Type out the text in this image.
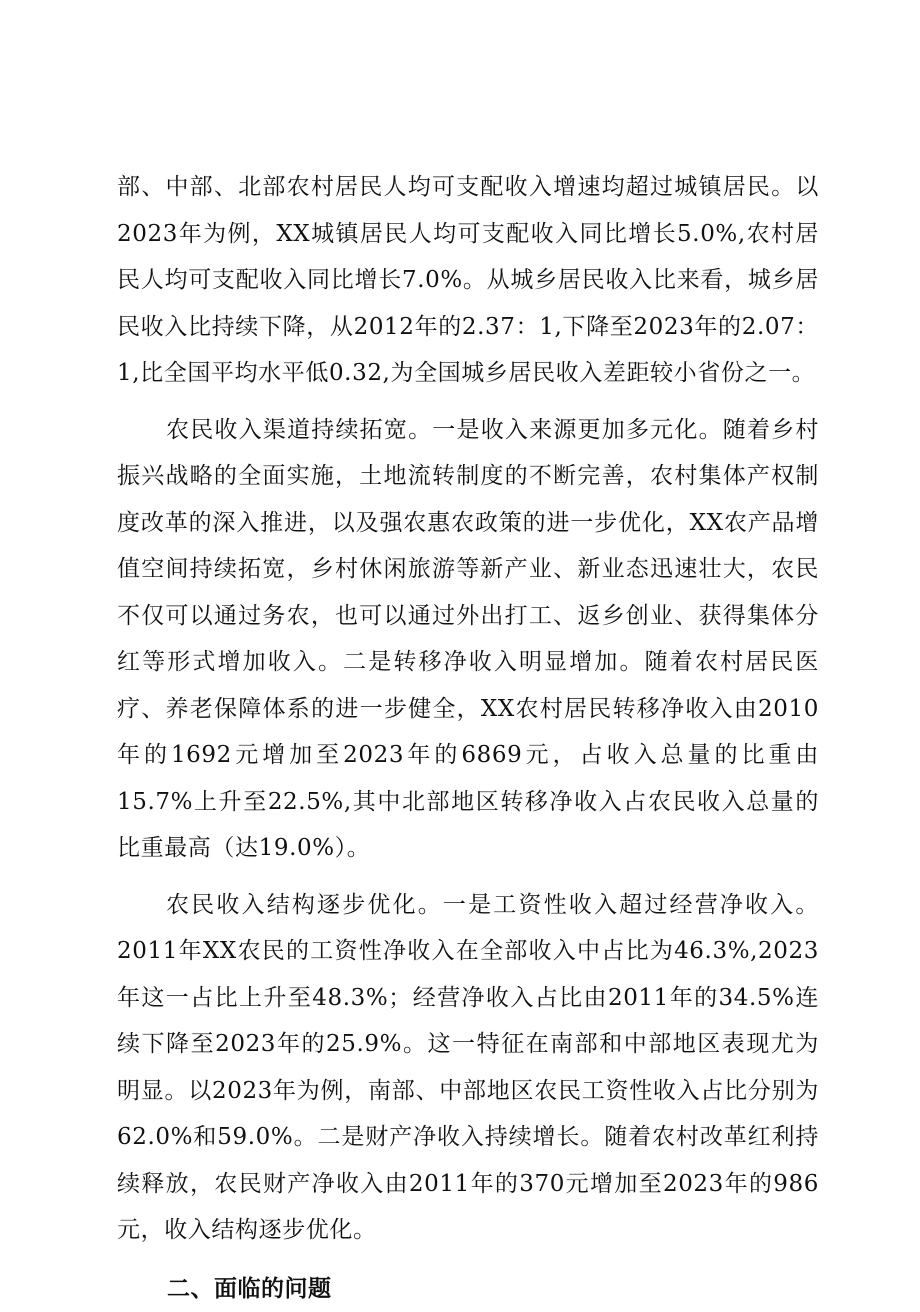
部、中部、北部农村居民人均可支配收入增速均超过城镇居民。以2023年为例，XX城镇居民人均可支配收入同比增长5.0%,农村居民人均可支配收入同比增长7.0%。从城乡居民收入比来看，城乡居民收入比持续下降，从2012年的2.37：1,下降至2023年的2.07：1,比全国平均水平低0.32,为全国城乡居民收入差距较小省份之一。

农民收入渠道持续拓宽。一是收入来源更加多元化。随着乡村振兴战略的全面实施，土地流转制度的不断完善，农村集体产权制度改革的深入推进，以及强农惠农政策的进一步优化，XX农产品增值空间持续拓宽，乡村休闲旅游等新产业、新业态迅速壮大，农民不仅可以通过务农，也可以通过外出打工、返乡创业、获得集体分红等形式增加收入。二是转移净收入明显增加。随着农村居民医疗、养老保障体系的进一步健全，XX农村居民转移净收入由2010年的1692元增加至2023年的6869元，占收入总量的比重由15.7%上升至22.5%,其中北部地区转移净收入占农民收入总量的比重最高（达19.0%）。

农民收入结构逐步优化。一是工资性收入超过经营净收入。2011年XX农民的工资性净收入在全部收入中占比为46.3%,2023年这一占比上升至48.3%；经营净收入占比由2011年的34.5%连续下降至2023年的25.9%。这一特征在南部和中部地区表现尤为明显。以2023年为例，南部、中部地区农民工资性收入占比分别为62.0%和59.0%。二是财产净收入持续增长。随着农村改革红利持续释放，农民财产净收入由2011年的370元增加至2023年的986元，收入结构逐步优化。

二、面临的问题
